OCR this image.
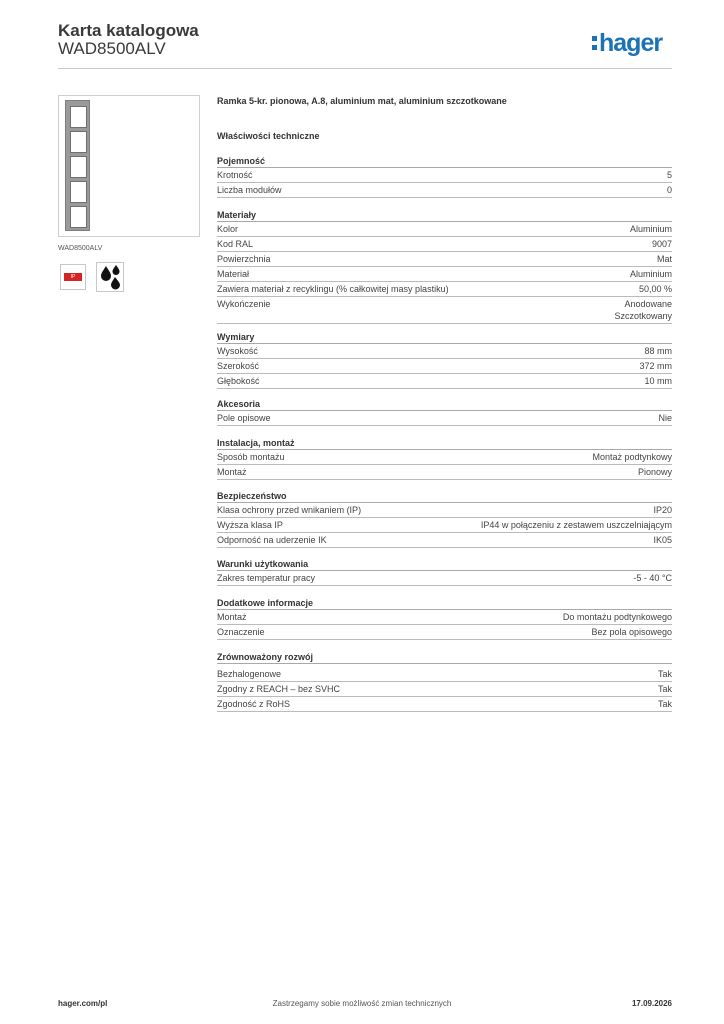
Karta katalogowa
WAD8500ALV	hager
WAD8500ALV
IP
Ramka 5-kr. pionowa, A.8, aluminium mat, aluminium szczotkowane
Właściwości techniczne
Pojemność
Krotność	5
Liczba modułów	0
Materiały
Kolor	Aluminium
Kod RAL	9007
Powierzchnia	Mat
Materiał	Aluminium
Zawiera materiał z recyklingu (% całkowitej masy plastiku)	50,00 %
Wykończenie	Anodowane
Szczotkowany
Wymiary
Wysokość	88 mm
Szerokość	372 mm
Głębokość	10 mm
Akcesoria
Pole opisowe	Nie
Instalacja, montaż
Sposób montażu	Montaż podtynkowy
Montaż	Pionowy
Bezpieczeństwo
Klasa ochrony przed wnikaniem (IP)	IP20
Wyższa klasa IP	IP44 w połączeniu z zestawem uszczelniającym
Odporność na uderzenie IK	IK05
Warunki użytkowania
Zakres temperatur pracy	-5 - 40 °C
Dodatkowe informacje
Montaż	Do montażu podtynkowego
Oznaczenie	Bez pola opisowego
Zrównoważony rozwój
Bezhalogenowe	Tak
Zgodny z REACH – bez SVHC	Tak
Zgodność z RoHS	Tak
hager.com/pl	Zastrzegamy sobie możliwość zmian technicznych	17.09.2026
